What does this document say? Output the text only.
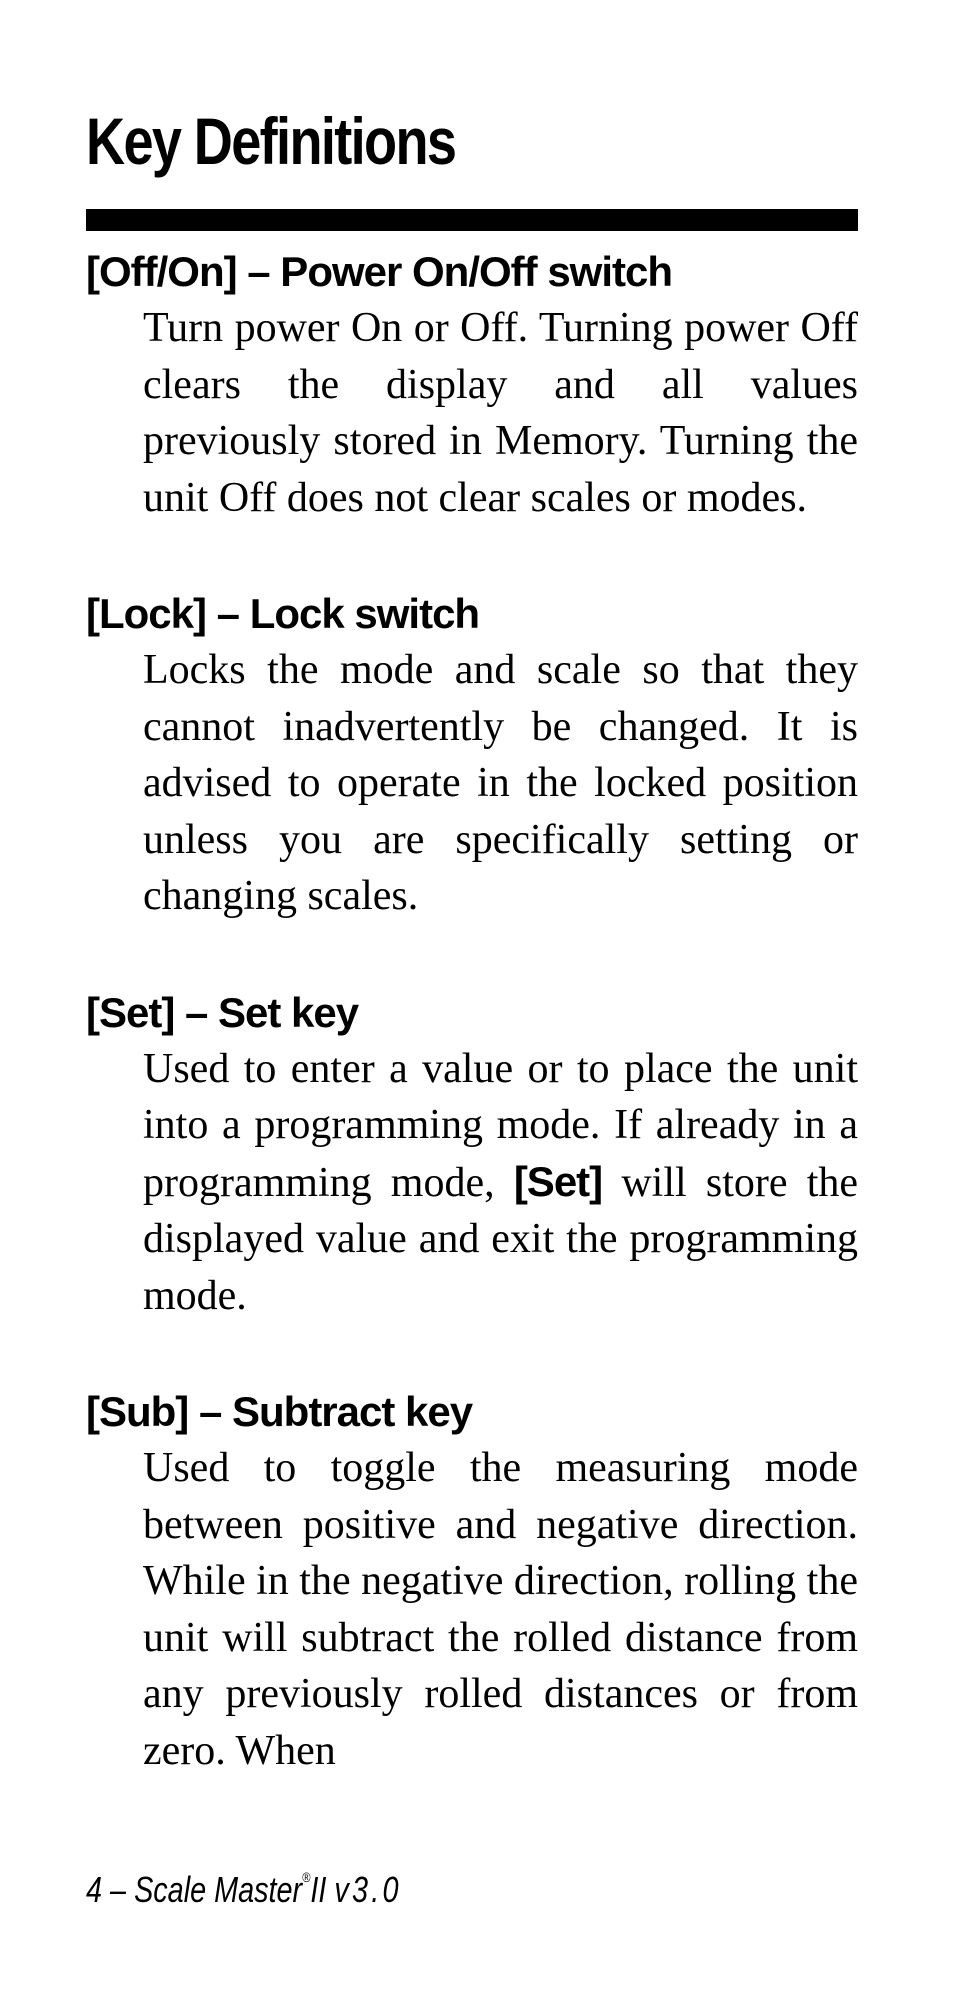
Key Definitions

[Off/On] – Power On/Off switch

Turn power On or Off. Turning power Off clears the display and all values previously stored in Memory. Turning the unit Off does not clear scales or modes.

[Lock] – Lock switch

Locks the mode and scale so that they cannot inadvertently be changed. It is advised to operate in the locked position unless you are specifically setting or changing scales.

[Set] – Set key

Used to enter a value or to place the unit into a programming mode. If already in a programming mode, [Set] will store the displayed value and exit the programming mode.

[Sub] – Subtract key

Used to toggle the measuring mode between positive and negative direction. While in the negative direction, rolling the unit will subtract the rolled distance from any previously rolled distances or from zero. When

4 – Scale Master®II v3.0
